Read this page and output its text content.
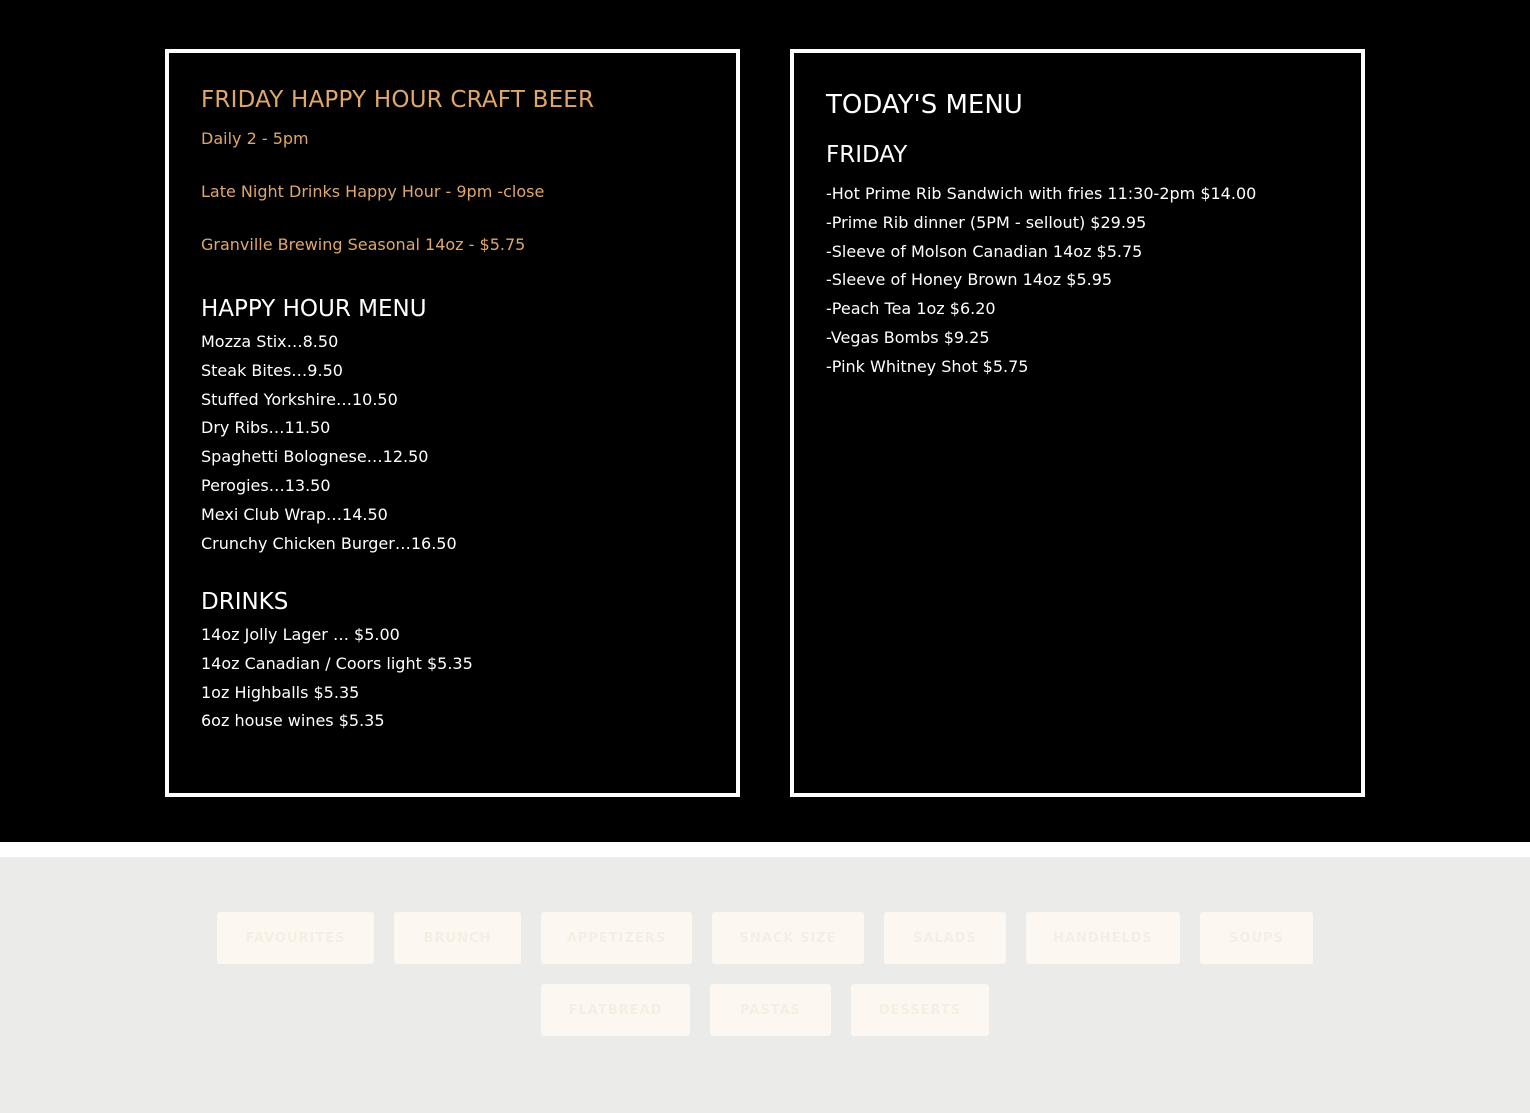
FRIDAY HAPPY HOUR CRAFT BEER

Daily 2 - 5pm

Late Night Drinks Happy Hour - 9pm -close

Granville Brewing Seasonal 14oz - $5.75

HAPPY HOUR MENU
Mozza Stix…8.50
Steak Bites…9.50
Stuffed Yorkshire…10.50
Dry Ribs…11.50
Spaghetti Bolognese…12.50
Perogies…13.50
Mexi Club Wrap…14.50
Crunchy Chicken Burger…16.50
DRINKS
14oz Jolly Lager … $5.00
14oz Canadian / Coors light $5.35
1oz Highballs $5.35
6oz house wines $5.35
TODAY'S MENU
FRIDAY
-Hot Prime Rib Sandwich with fries 11:30-2pm $14.00
-Prime Rib dinner (5PM - sellout) $29.95
-Sleeve of Molson Canadian 14oz $5.75
-Sleeve of Honey Brown 14oz $5.95
-Peach Tea 1oz $6.20
-Vegas Bombs $9.25
-Pink Whitney Shot $5.75
FAVOURITES	BRUNCH	APPETIZERS	SNACK SIZE	SALADS	HANDHELDS	SOUPS
FLATBREAD	PASTAS	DESSERTS
